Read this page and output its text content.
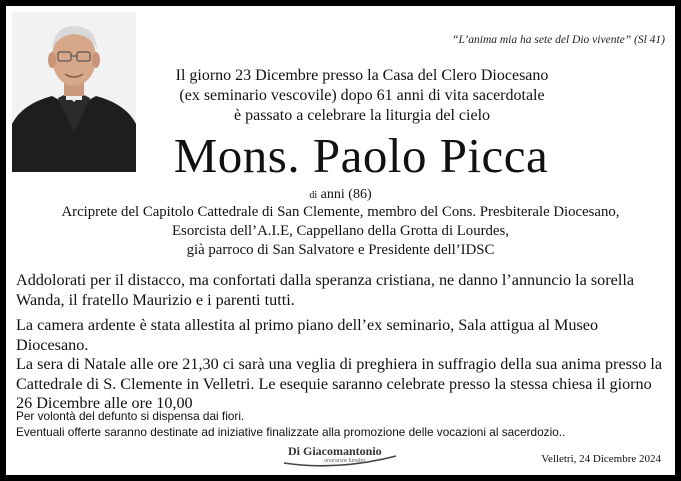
“L’anima mia ha sete del Dio vivente” (Sl 41)
Il giorno 23 Dicembre presso la Casa del Clero Diocesano
(ex seminario vescovile) dopo 61 anni di vita sacerdotale
è passato a celebrare la liturgia del cielo
Mons. Paolo Picca
di anni (86)
Arciprete del Capitolo Cattedrale di San Clemente, membro del Cons. Presbiterale Diocesano,
Esorcista dell’A.I.E, Cappellano della Grotta di Lourdes,
già parroco di San Salvatore e Presidente dell’IDSC

Addolorati per il distacco, ma confortati dalla speranza cristiana, ne danno l’annuncio la sorella Wanda, il fratello Maurizio e i parenti tutti.

La camera ardente è stata allestita al primo piano dell’ex seminario, Sala attigua al Museo Diocesano.

La sera di Natale alle ore 21,30 ci sarà una veglia di preghiera in suffragio della sua anima presso la Cattedrale di S. Clemente in Velletri. Le esequie saranno celebrate presso la stessa chiesa il giorno 26 Dicembre alle ore 10,00

Per volontà del defunto si dispensa dai fiori.
Eventuali offerte saranno destinate ad iniziative finalizzate alla promozione delle vocazioni al sacerdozio..
Di Giacomantonio
onoranze funebri	Velletri, 24 Dicembre 2024
